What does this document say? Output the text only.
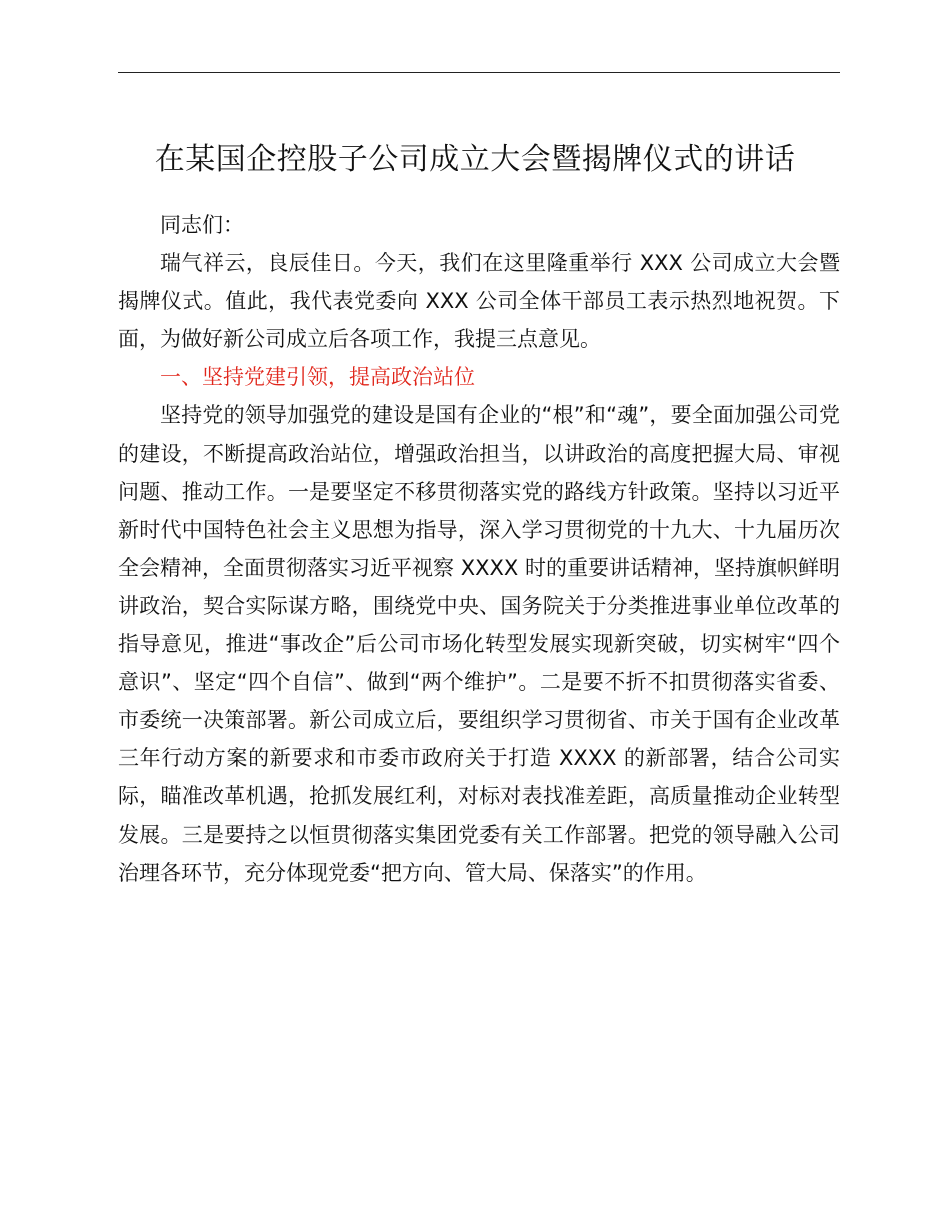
在某国企控股子公司成立大会暨揭牌仪式的讲话

同志们：

瑞气祥云，良辰佳日。今天，我们在这里隆重举行 XXX 公司成立大会暨揭牌仪式。值此，我代表党委向 XXX 公司全体干部员工表示热烈地祝贺。下面，为做好新公司成立后各项工作，我提三点意见。

一、坚持党建引领，提高政治站位

坚持党的领导加强党的建设是国有企业的“根”和“魂”，要全面加强公司党的建设，不断提高政治站位，增强政治担当，以讲政治的高度把握大局、审视问题、推动工作。一是要坚定不移贯彻落实党的路线方针政策。坚持以习近平新时代中国特色社会主义思想为指导，深入学习贯彻党的十九大、十九届历次全会精神，全面贯彻落实习近平视察 XXXX 时的重要讲话精神，坚持旗帜鲜明讲政治，契合实际谋方略，围绕党中央、国务院关于分类推进事业单位改革的指导意见，推进“事改企”后公司市场化转型发展实现新突破，切实树牢“四个意识”、坚定“四个自信”、做到“两个维护”。二是要不折不扣贯彻落实省委、市委统一决策部署。新公司成立后，要组织学习贯彻省、市关于国有企业改革三年行动方案的新要求和市委市政府关于打造 XXXX 的新部署，结合公司实际，瞄准改革机遇，抢抓发展红利，对标对表找准差距，高质量推动企业转型发展。三是要持之以恒贯彻落实集团党委有关工作部署。把党的领导融入公司治理各环节，充分体现党委“把方向、管大局、保落实”的作用。
